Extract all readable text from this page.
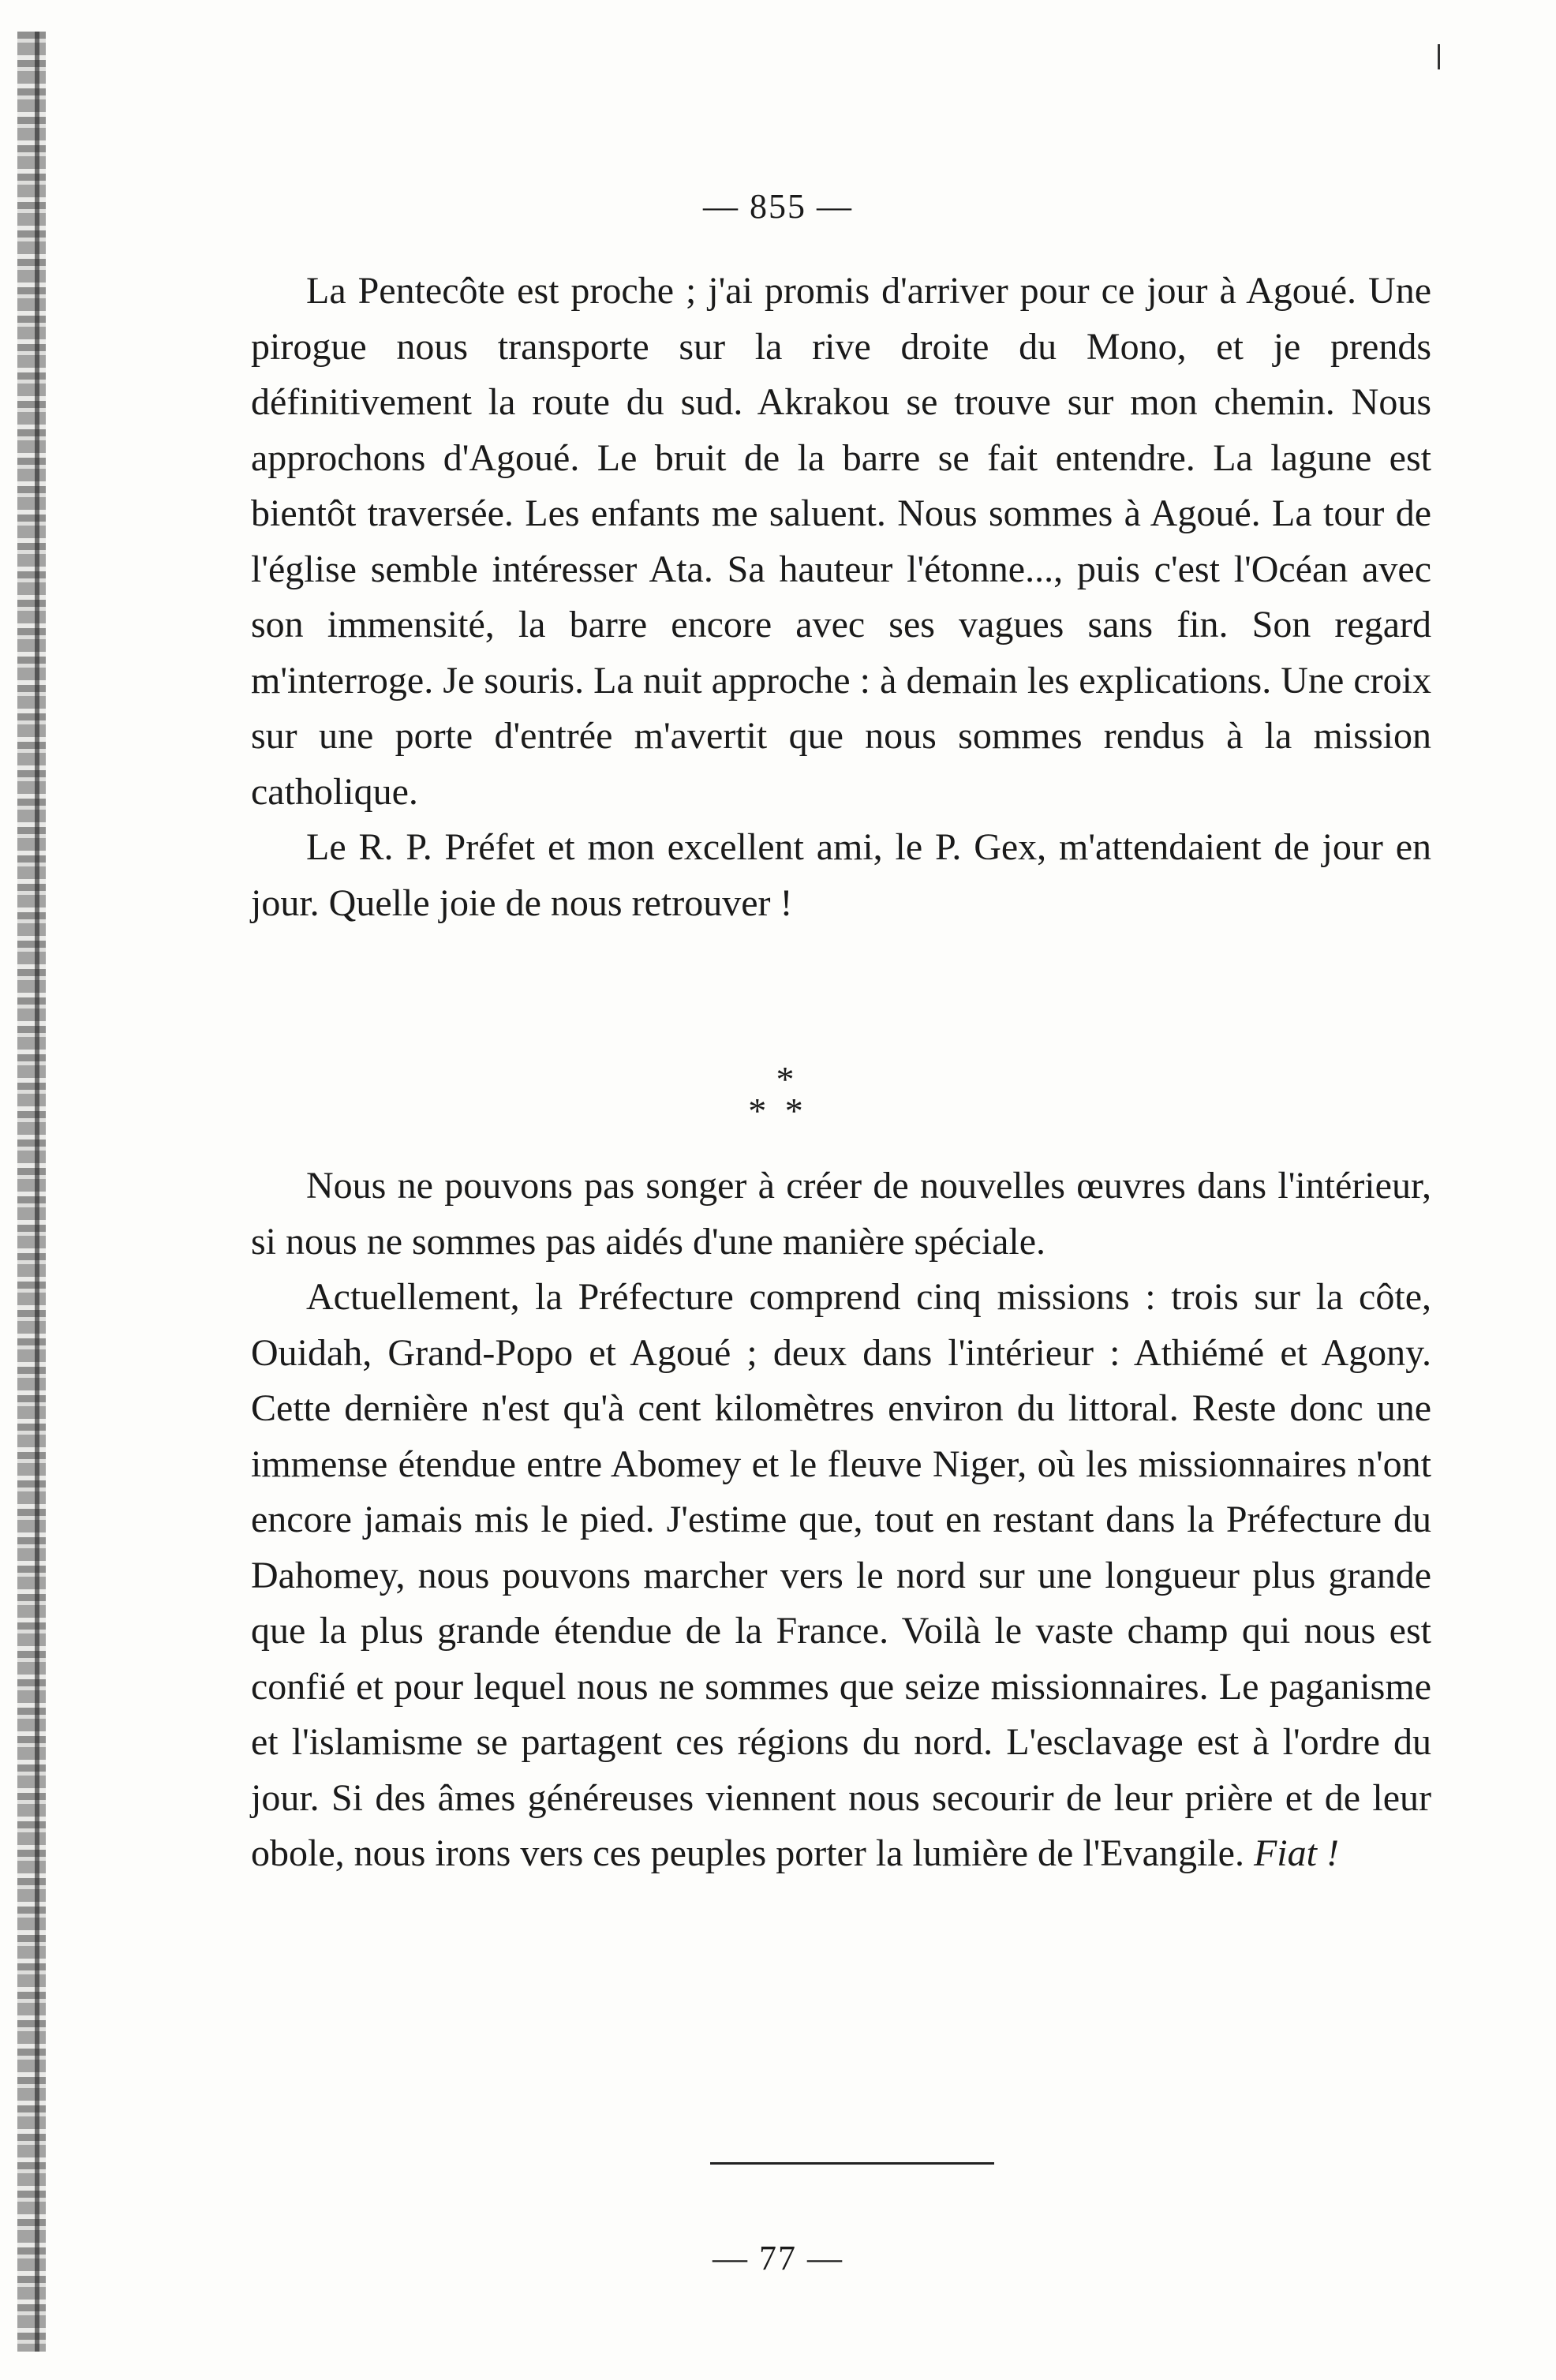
— 855 —

La Pentecôte est proche ; j'ai promis d'arriver pour ce jour à Agoué. Une pirogue nous transporte sur la rive droite du Mono, et je prends définitivement la route du sud. Akrakou se trouve sur mon chemin. Nous approchons d'Agoué. Le bruit de la barre se fait entendre. La lagune est bientôt traversée. Les enfants me saluent. Nous sommes à Agoué. La tour de l'église semble intéresser Ata. Sa hauteur l'étonne..., puis c'est l'Océan avec son immensité, la barre encore avec ses vagues sans fin. Son regard m'interroge. Je souris. La nuit approche : à demain les explications. Une croix sur une porte d'entrée m'avertit que nous sommes rendus à la mission catholique.

Le R. P. Préfet et mon excellent ami, le P. Gex, m'attendaient de jour en jour. Quelle joie de nous retrouver !

*
* *

Nous ne pouvons pas songer à créer de nouvelles œuvres dans l'intérieur, si nous ne sommes pas aidés d'une manière spéciale.

Actuellement, la Préfecture comprend cinq missions : trois sur la côte, Ouidah, Grand-Popo et Agoué ; deux dans l'intérieur : Athiémé et Agony. Cette dernière n'est qu'à cent kilomètres environ du littoral. Reste donc une immense étendue entre Abomey et le fleuve Niger, où les missionnaires n'ont encore jamais mis le pied. J'estime que, tout en restant dans la Préfecture du Dahomey, nous pouvons marcher vers le nord sur une longueur plus grande que la plus grande étendue de la France. Voilà le vaste champ qui nous est confié et pour lequel nous ne sommes que seize missionnaires. Le paganisme et l'islamisme se partagent ces régions du nord. L'esclavage est à l'ordre du jour. Si des âmes généreuses viennent nous secourir de leur prière et de leur obole, nous irons vers ces peuples porter la lumière de l'Evangile. Fiat !

— 77 —
